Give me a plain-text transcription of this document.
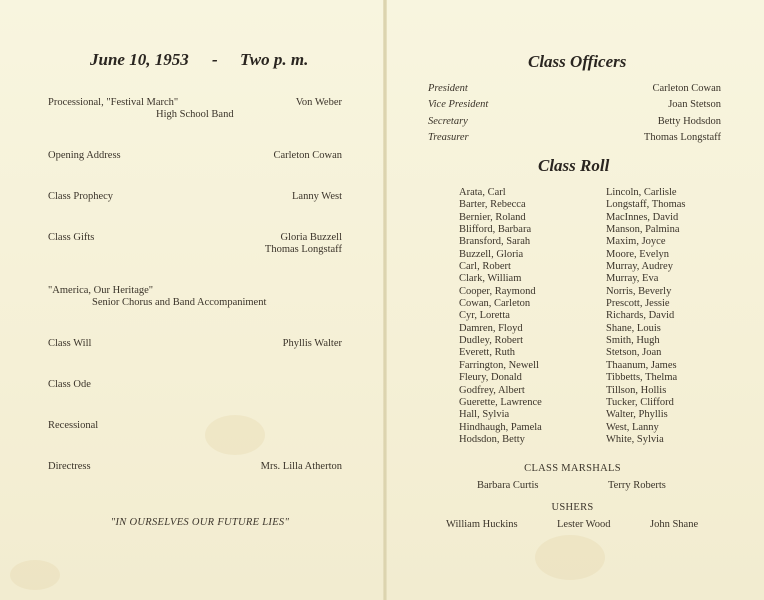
June 10, 1953 - Two p. m.
Processional, "Festival March"	Von Weber
High School Band
Opening Address	Carleton Cowan
Class Prophecy	Lanny West
Class Gifts	Gloria Buzzell
Thomas Longstaff
"America, Our Heritage"
Senior Chorus and Band Accompaniment
Class Will	Phyllis Walter
Class Ode
Recessional
Directress	Mrs. Lilla Atherton
"IN OURSELVES OUR FUTURE LIES"
Class Officers
President	Carleton Cowan
Vice President	Joan Stetson
Secretary	Betty Hodsdon
Treasurer	Thomas Longstaff
Class Roll
Arata, Carl
Barter, Rebecca
Bernier, Roland
Blifford, Barbara
Bransford, Sarah
Buzzell, Gloria
Carl, Robert
Clark, William
Cooper, Raymond
Cowan, Carleton
Cyr, Loretta
Damren, Floyd
Dudley, Robert
Everett, Ruth
Farrington, Newell
Fleury, Donald
Godfrey, Albert
Guerette, Lawrence
Hall, Sylvia
Hindhaugh, Pamela
Hodsdon, Betty
Lincoln, Carlisle
Longstaff, Thomas
MacInnes, David
Manson, Palmina
Maxim, Joyce
Moore, Evelyn
Murray, Audrey
Murray, Eva
Norris, Beverly
Prescott, Jessie
Richards, David
Shane, Louis
Smith, Hugh
Stetson, Joan
Thaanum, James
Tibbetts, Thelma
Tillson, Hollis
Tucker, Clifford
Walter, Phyllis
West, Lanny
White, Sylvia
CLASS MARSHALS
Barbara Curtis	Terry Roberts
USHERS
William Huckins	Lester Wood	John Shane
